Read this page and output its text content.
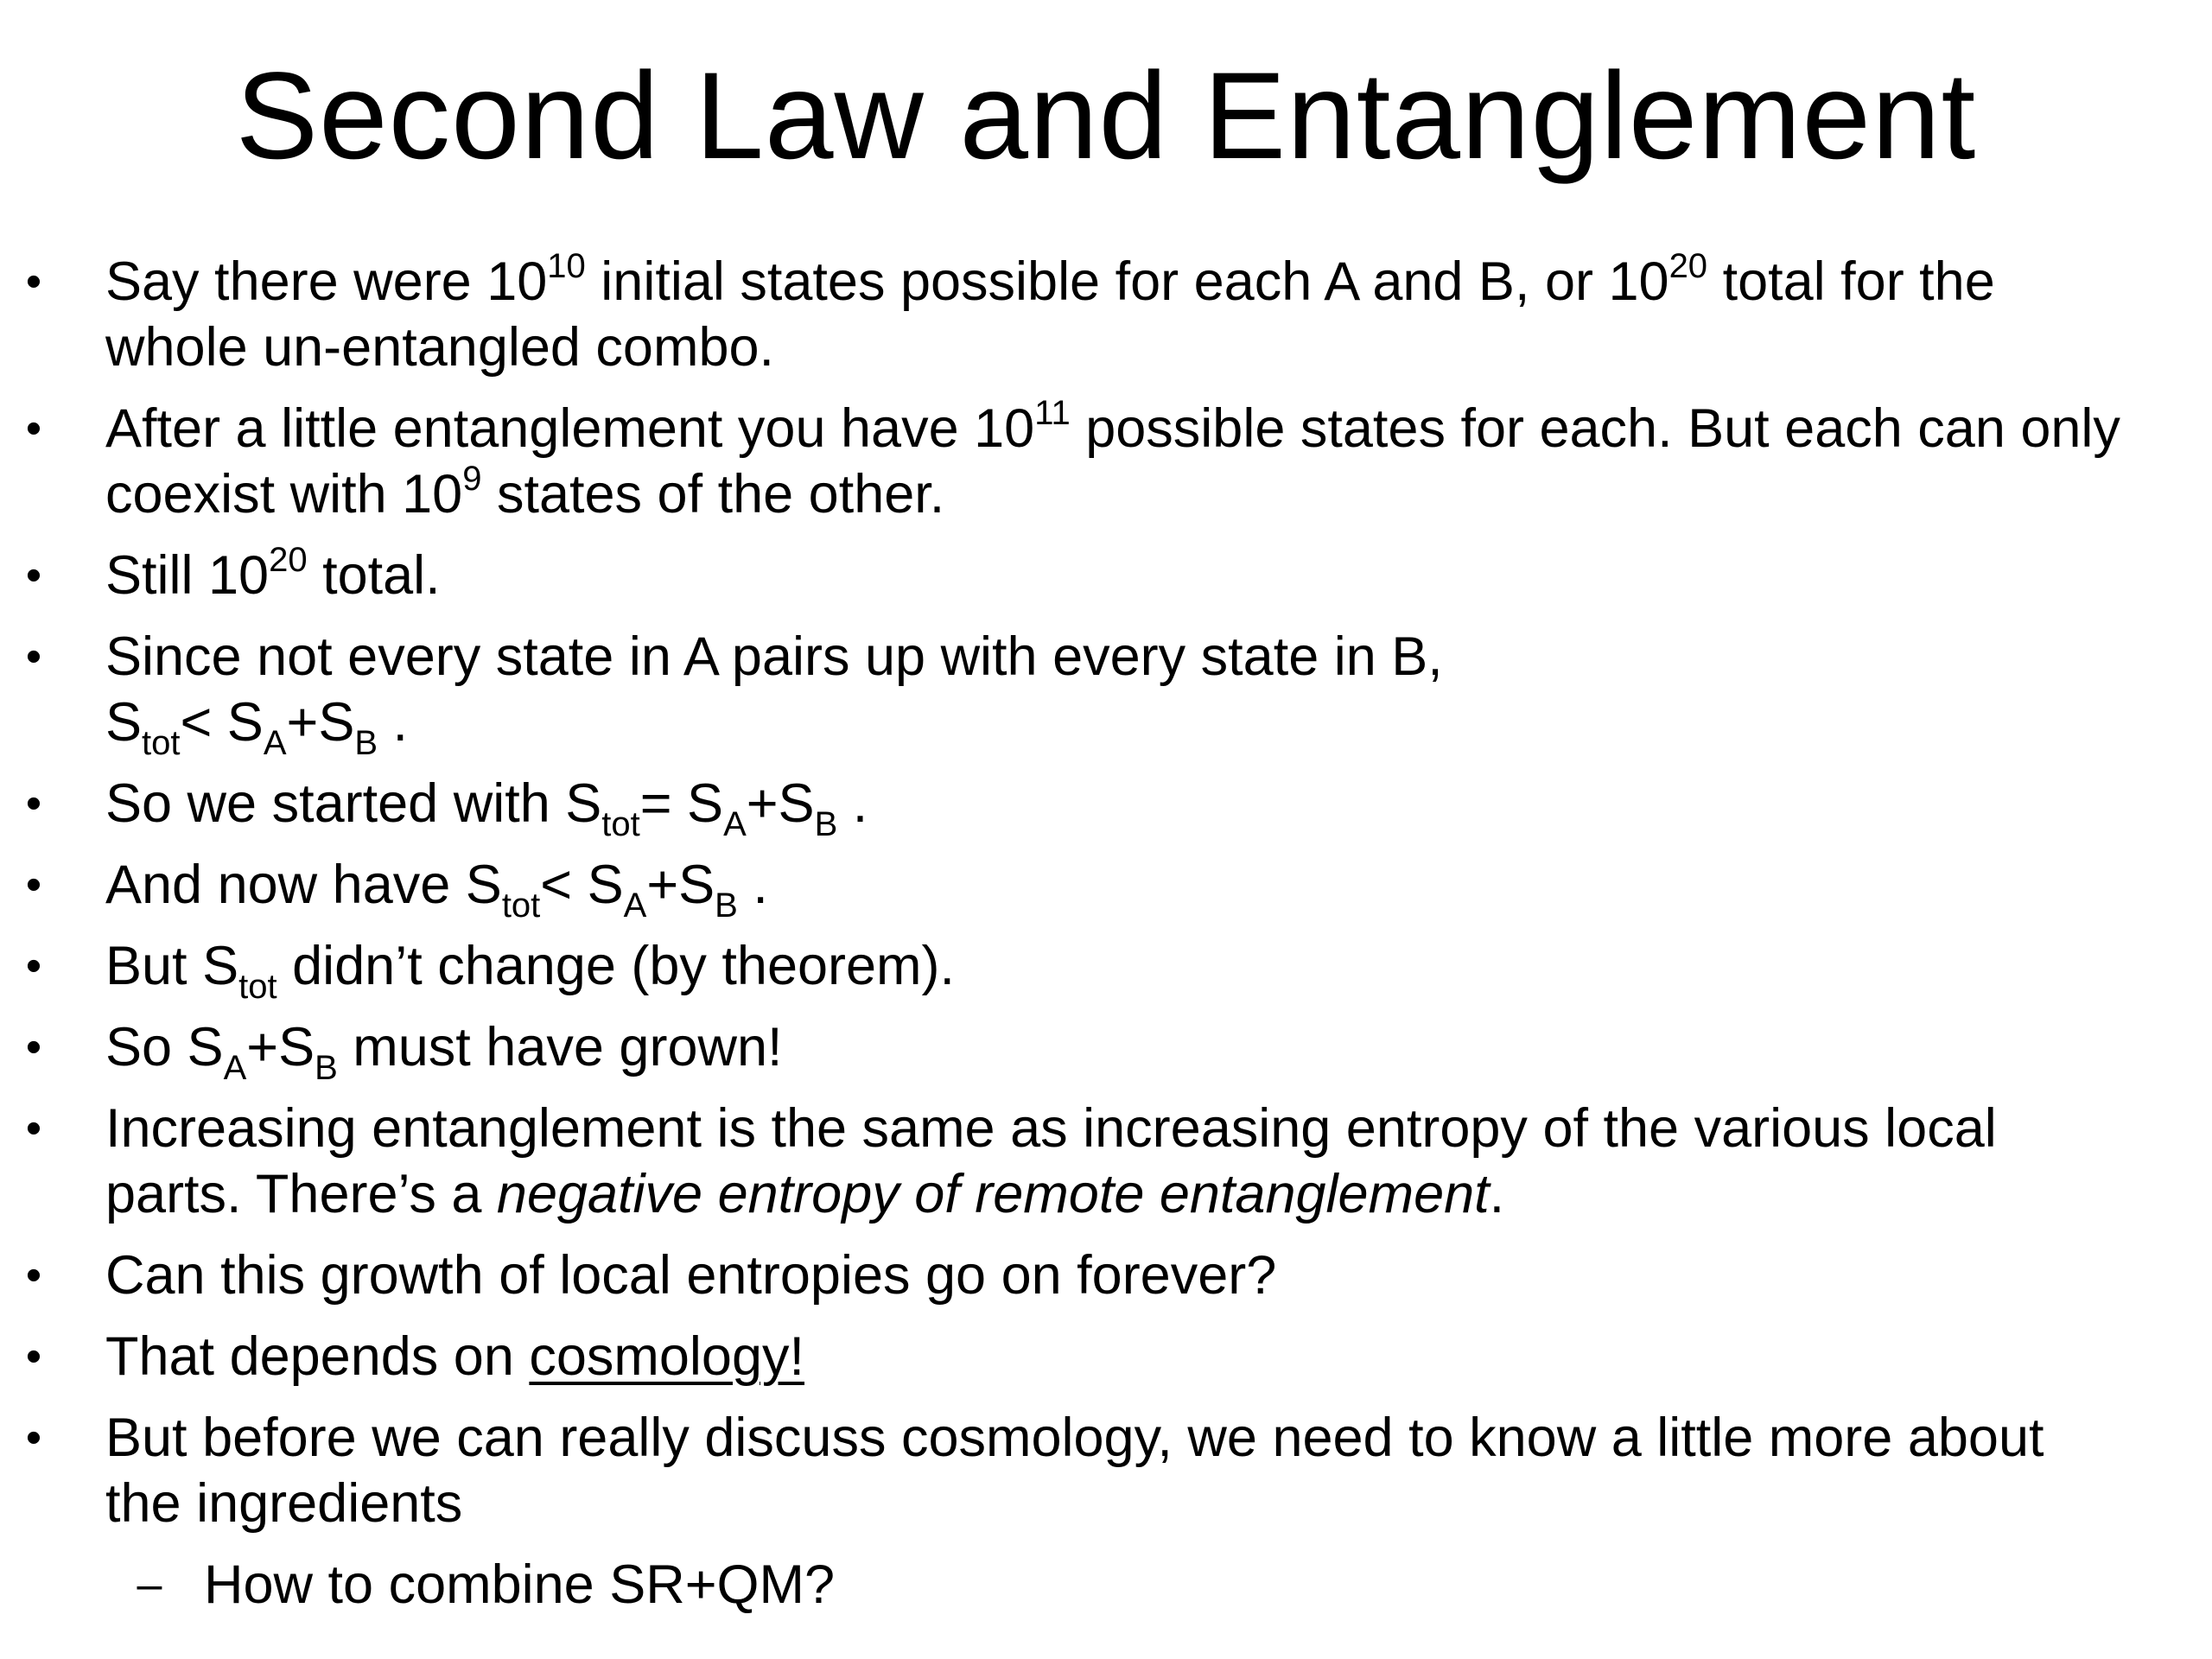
Second Law and Entanglement
• Say there were $10^{10}$ initial states possible for each A and B, or $10^{20}$ total for the
whole un-entangled combo.
• After a little entanglement you have $10^{11}$ possible states for each. But each can only
coexist with $10^9$ states of the other.
• Still $10^{20}$ total.
• Since not every state in A pairs up with every state in B,
$S_{tot}< S_A+S_B$ .
• So we started with $S_{tot}= S_A+S_B$ .
• And now have $S_{tot}< S_A+S_B$ .
• But $S_{tot}$ didn’t change (by theorem).
• So $S_A+S_B$ must have grown!
• Increasing entanglement is the same as increasing entropy of the various local
parts. There’s a negative entropy of remote entanglement.
• Can this growth of local entropies go on forever?
• That depends on cosmology!
• But before we can really discuss cosmology, we need to know a little more about
the ingredients
– How to combine SR+QM?
